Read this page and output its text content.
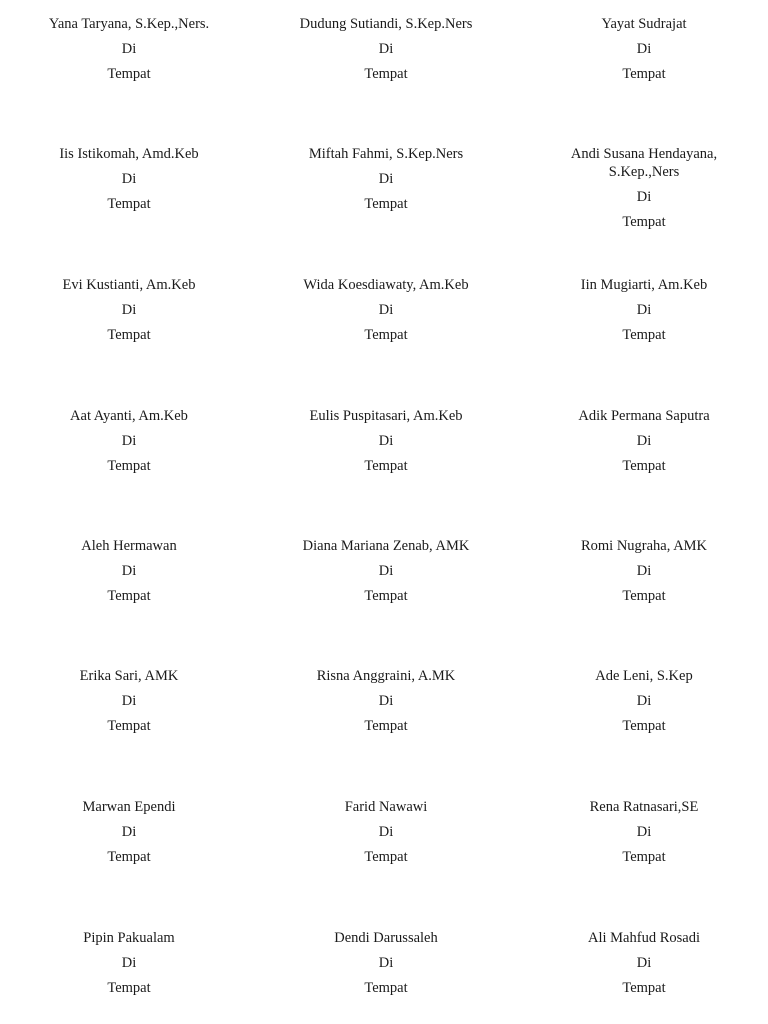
Yana Taryana, S.Kep.,Ners.
Di
Tempat
Dudung Sutiandi, S.Kep.Ners
Di
Tempat
Yayat Sudrajat
Di
Tempat
Iis Istikomah, Amd.Keb
Di
Tempat
Miftah Fahmi, S.Kep.Ners
Di
Tempat
Andi Susana Hendayana, S.Kep.,Ners
Di
Tempat
Evi Kustianti, Am.Keb
Di
Tempat
Wida Koesdiawaty, Am.Keb
Di
Tempat
Iin Mugiarti, Am.Keb
Di
Tempat
Aat Ayanti, Am.Keb
Di
Tempat
Eulis Puspitasari, Am.Keb
Di
Tempat
Adik Permana Saputra
Di
Tempat
Aleh Hermawan
Di
Tempat
Diana Mariana Zenab, AMK
Di
Tempat
Romi Nugraha, AMK
Di
Tempat
Erika Sari, AMK
Di
Tempat
Risna Anggraini, A.MK
Di
Tempat
Ade Leni, S.Kep
Di
Tempat
Marwan Ependi
Di
Tempat
Farid Nawawi
Di
Tempat
Rena Ratnasari,SE
Di
Tempat
Pipin Pakualam
Di
Tempat
Dendi Darussaleh
Di
Tempat
Ali Mahfud Rosadi
Di
Tempat
